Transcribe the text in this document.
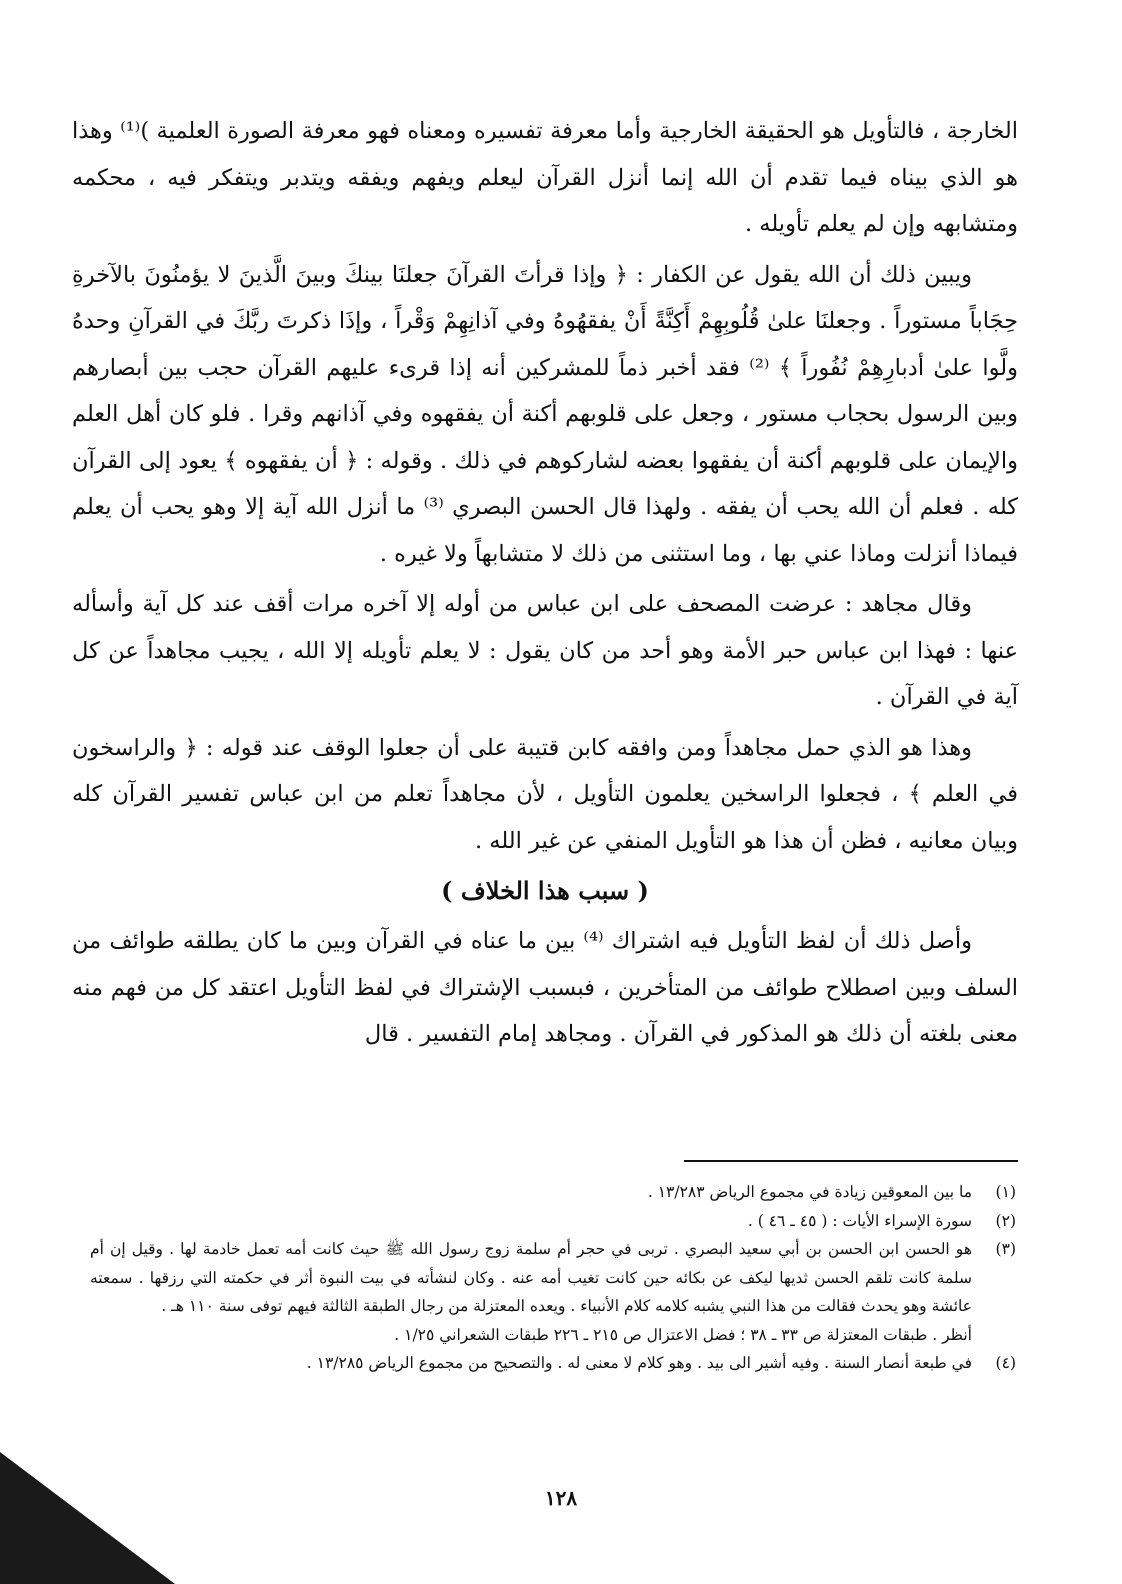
الخارجة ، فالتأويل هو الحقيقة الخارجية وأما معرفة تفسيره ومعناه فهو معرفة الصورة العلمية )⁽¹⁾ وهذا هو الذي بيناه فيما تقدم أن الله إنما أنزل القرآن ليعلم ويفهم ويفقه ويتدبر ويتفكر فيه ، محكمه ومتشابهه وإن لم يعلم تأويله .

ويبين ذلك أن الله يقول عن الكفار : ﴿ وإذا قرأتَ القرآنَ جعلنَا بينكَ وبينَ الَّذينَ لا يؤمنُونَ بالآخرةِ حِجَاباً مستوراً . وجعلنَا علىٰ قُلُوبِهِمْ أَكِنَّةً أَنْ يفقهُوهُ وفي آذانِهِمْ وَقْراً ، وإذَا ذكرتَ ربَّكَ في القرآنِ وحدهُ ولَّوا علىٰ أدبارِهِمْ نُفُوراً ﴾ ⁽²⁾ فقد أخبر ذماً للمشركين أنه إذا قرىء عليهم القرآن حجب بين أبصارهم وبين الرسول بحجاب مستور ، وجعل على قلوبهم أكنة أن يفقهوه وفي آذانهم وقرا . فلو كان أهل العلم والإيمان على قلوبهم أكنة أن يفقهوا بعضه لشاركوهم في ذلك . وقوله : ﴿ أن يفقهوه ﴾ يعود إلى القرآن كله . فعلم أن الله يحب أن يفقه . ولهذا قال الحسن البصري ⁽³⁾ ما أنزل الله آية إلا وهو يحب أن يعلم فيماذا أنزلت وماذا عني بها ، وما استثنى من ذلك لا متشابهاً ولا غيره .

وقال مجاهد : عرضت المصحف على ابن عباس من أوله إلا آخره مرات أقف عند كل آية وأسأله عنها : فهذا ابن عباس حبر الأمة وهو أحد من كان يقول : لا يعلم تأويله إلا الله ، يجيب مجاهداً عن كل آية في القرآن .

وهذا هو الذي حمل مجاهداً ومن وافقه كابن قتيبة على أن جعلوا الوقف عند قوله : ﴿ والراسخون في العلم ﴾ ، فجعلوا الراسخين يعلمون التأويل ، لأن مجاهداً تعلم من ابن عباس تفسير القرآن كله وبيان معانيه ، فظن أن هذا هو التأويل المنفي عن غير الله .

( سبب هذا الخلاف )

وأصل ذلك أن لفظ التأويل فيه اشتراك ⁽⁴⁾ بين ما عناه في القرآن وبين ما كان يطلقه طوائف من السلف وبين اصطلاح طوائف من المتأخرين ، فبسبب الإشتراك في لفظ التأويل اعتقد كل من فهم منه معنى بلغته أن ذلك هو المذكور في القرآن . ومجاهد إمام التفسير . قال

(١)
ما بين المعوقين زيادة في مجموع الرياض ١٣/٢٨٣ .
(٢)
سورة الإسراء الأيات : ( ٤٥ ـ ٤٦ ) .
(٣)
هو الحسن ابن الحسن بن أبي سعيد البصري . تربى في حجر أم سلمة زوج رسول الله ﷺ حيث كانت أمه تعمل خادمة لها . وقيل إن أم سلمة كانت تلقم الحسن ثديها ليكف عن بكائه حين كانت تغيب أمه عنه . وكان لنشأته في بيت النبوة أثر في حكمته التي رزقها . سمعته عائشة وهو يحدث فقالت من هذا النبي يشبه كلامه كلام الأنبياء . ويعده المعتزلة من رجال الطبقة الثالثة فيهم توفى سنة ١١٠ هـ .
أنظر . طبقات المعتزلة ص ٣٣ ـ ٣٨ ؛ فضل الاعتزال ص ٢١٥ ـ ٢٢٦ طبقات الشعراني ١/٢٥ .
(٤)
في طبعة أنصار السنة . وفيه أشير الى بيد . وهو كلام لا معنى له . والتصحيح من مجموع الرياض ١٣/٢٨٥ .
١٢٨
